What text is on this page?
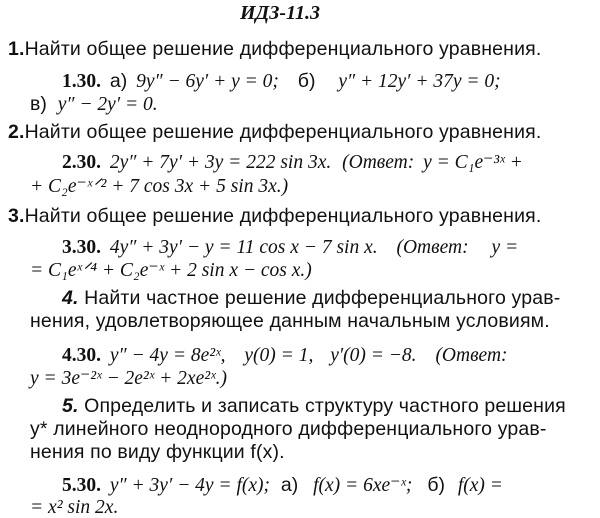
ИДЗ-11.3
1.Найти общее решение дифференциального уравнения.
1.30. а) 9y″ − 6y′ + y = 0; б) y″ + 12y′ + 37y = 0;
в) y″ − 2y′ = 0.
2.Найти общее решение дифференциального уравнения.
2.30. 2y″ + 7y′ + 3y = 222 sin 3x. (Ответ: y = C₁e⁻³ˣ +
+ C₂e⁻ˣᐟ² + 7 cos 3x + 5 sin 3x.)
3.Найти общее решение дифференциального уравнения.
3.30. 4y″ + 3y′ − y = 11 cos x − 7 sin x. (Ответ: y =
= C₁eˣᐟ⁴ + C₂e⁻ˣ + 2 sin x − cos x.)
4. Найти частное решение дифференциального урав-
нения, удовлетворяющее данным начальным условиям.
4.30. y″ − 4y = 8e²ˣ, y(0) = 1, y′(0) = −8. (Ответ:
y = 3e⁻²ˣ − 2e²ˣ + 2xe²ˣ.)
5. Определить и записать структуру частного решения
y* линейного неоднородного дифференциального урав-
нения по виду функции f(x).
5.30. y″ + 3y′ − 4y = f(x); а) f(x) = 6xe⁻ˣ; б) f(x) =
= x² sin 2x.
